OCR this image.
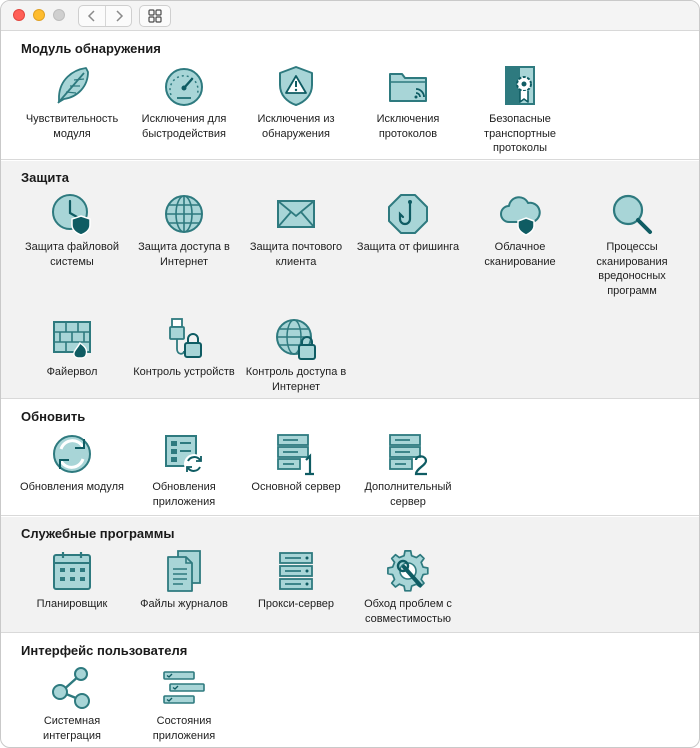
Модуль обнаружения
Чувствительность модуля
Исключения для быстродействия
Исключения из обнаружения
Исключения протоколов
Безопасные транспортные протоколы
Защита
Защита файловой системы
Защита доступа в Интернет
Защита почтового клиента
Защита от фишинга	Облачное сканирование
Процессы сканирования вредоносных программ
Файервол	Контроль устройств Контроль доступа в Интернет
Обновить
Обновления модуля	Обновления приложения
Основной сервер	Дополнительный сервер
Служебные программы
Планировщик	Файлы журналов	Прокси-сервер	Обход проблем с совместимостью
Интерфейс пользователя
Системная интеграция
Состояния приложения
